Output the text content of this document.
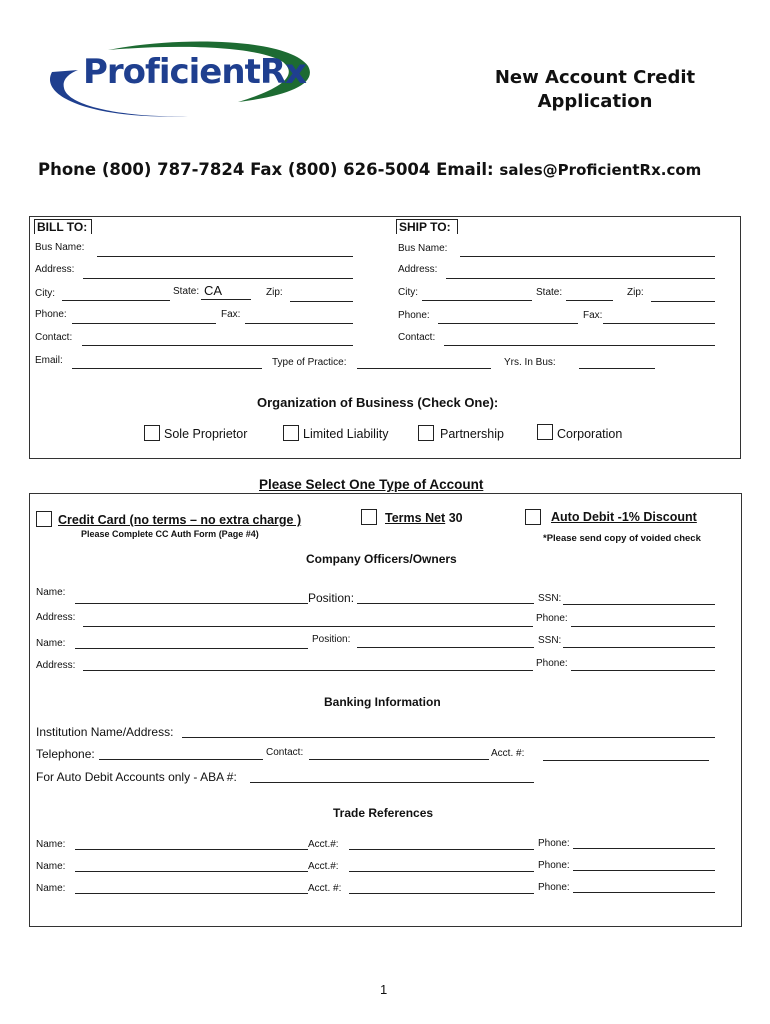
ProficientRx	New Account Credit
Application
Phone (800) 787-7824 Fax (800) 626-5004 Email: sales@ProficientRx.com
BILL TO:	SHIP TO:
Bus Name:
Address:
City:	State: CA	Zip:
Phone:	Fax:
Contact:
Email:	Type of Practice:	Yrs. In Bus:
Bus Name:
Address:
City:	State:	Zip:
Phone:	Fax:
Contact:
Organization of Business (Check One):
Sole Proprietor	Limited Liability	Partnership	Corporation
Please Select One Type of Account
Credit Card (no terms – no extra charge )
Please Complete CC Auth Form (Page #4)
Terms Net 30	Auto Debit -1% Discount
*Please send copy of voided check
Company Officers/Owners
Name:	Position:	SSN:
Address:	Phone:
Name:	Position:	SSN:
Address:	Phone:
Banking Information
Institution Name/Address:
Telephone:	Contact:	Acct. #:
For Auto Debit Accounts only - ABA #:
Trade References
Name:	Acct.#:	Phone:
Name:	Acct.#:	Phone:
Name:	Acct. #:	Phone:
1
